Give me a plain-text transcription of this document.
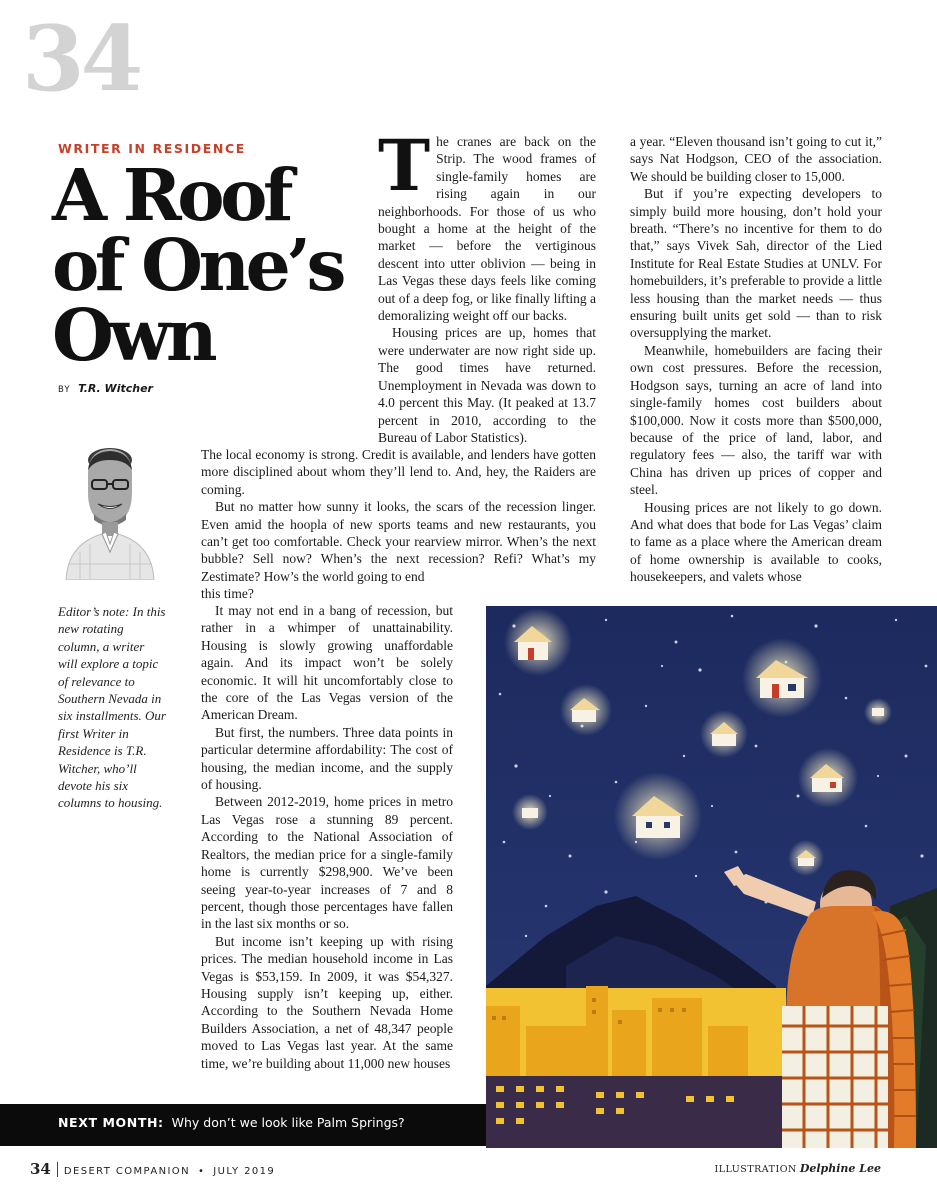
34
WRITER IN RESIDENCE
A Roof
of One’s
Own
BY T.R. Witcher
Editor’s note: In this new rotating column, a writer will explore a topic of relevance to Southern Nevada in six installments. Our first Writer in Residence is T.R. Witcher, who’ll devote his six columns to housing.
T he cranes are back on the Strip. The wood frames of single-family homes are rising again in our neighborhoods. For those of us who bought a home at the height of the market — before the vertiginous descent into utter oblivion — being in Las Vegas these days feels like coming out of a deep fog, or like finally lifting a demoralizing weight off our backs.

Housing prices are up, homes that were underwater are now right side up. The good times have returned. Unemployment in Nevada was down to 4.0 percent this May. (It peaked at 13.7 percent in 2010, according to the Bureau of Labor Statistics).

The local economy is strong. Credit is available, and lenders have gotten more disciplined about whom they’ll lend to. And, hey, the Raiders are coming.

But no matter how sunny it looks, the scars of the recession linger. Even amid the hoopla of new sports teams and new restaurants, you can’t get too comfortable. Check your rearview mirror. When’s the next bubble? Sell now? When’s the next recession? Refi? What’s my Zestimate? How’s the world going to end

this time?

It may not end in a bang of recession, but rather in a whimper of unattainability. Housing is slowly growing unaffordable again. And its impact won’t be solely economic. It will hit uncomfortably close to the core of the Las Vegas version of the American Dream.

But first, the numbers. Three data points in particular determine affordability: The cost of housing, the median income, and the supply of housing.

Between 2012-2019, home prices in metro Las Vegas rose a stunning 89 percent. According to the National Association of Realtors, the median price for a single-family home is currently $298,900. We’ve been seeing year-to-year increases of 7 and 8 percent, though those percentages have fallen in the last six months or so.

But income isn’t keeping up with rising prices. The median household income in Las Vegas is $53,159. In 2009, it was $54,327. Housing supply isn’t keeping up, either. According to the Southern Nevada Home Builders Association, a net of 48,347 people moved to Las Vegas last year. At the same time, we’re building about 11,000 new houses

a year. “Eleven thousand isn’t going to cut it,” says Nat Hodgson, CEO of the association. We should be building closer to 15,000.

But if you’re expecting developers to simply build more housing, don’t hold your breath. “There’s no incentive for them to do that,” says Vivek Sah, director of the Lied Institute for Real Estate Studies at UNLV. For homebuilders, it’s preferable to provide a little less housing than the market needs — thus ensuring built units get sold — than to risk oversupplying the market.

Meanwhile, homebuilders are facing their own cost pressures. Before the recession, Hodgson says, turning an acre of land into single-family homes cost builders about $100,000. Now it costs more than $500,000, because of the price of land, labor, and regulatory fees — also, the tariff war with China has driven up prices of copper and steel.

Housing prices are not likely to go down. And what does that bode for Las Vegas’ claim to fame as a place where the American dream of home ownership is available to cooks, housekeepers, and valets whose

NEXT MONTH: Why don’t we look like Palm Springs?
34 DESERT COMPANION • JULY 2019	ILLUSTRATION Delphine Lee
